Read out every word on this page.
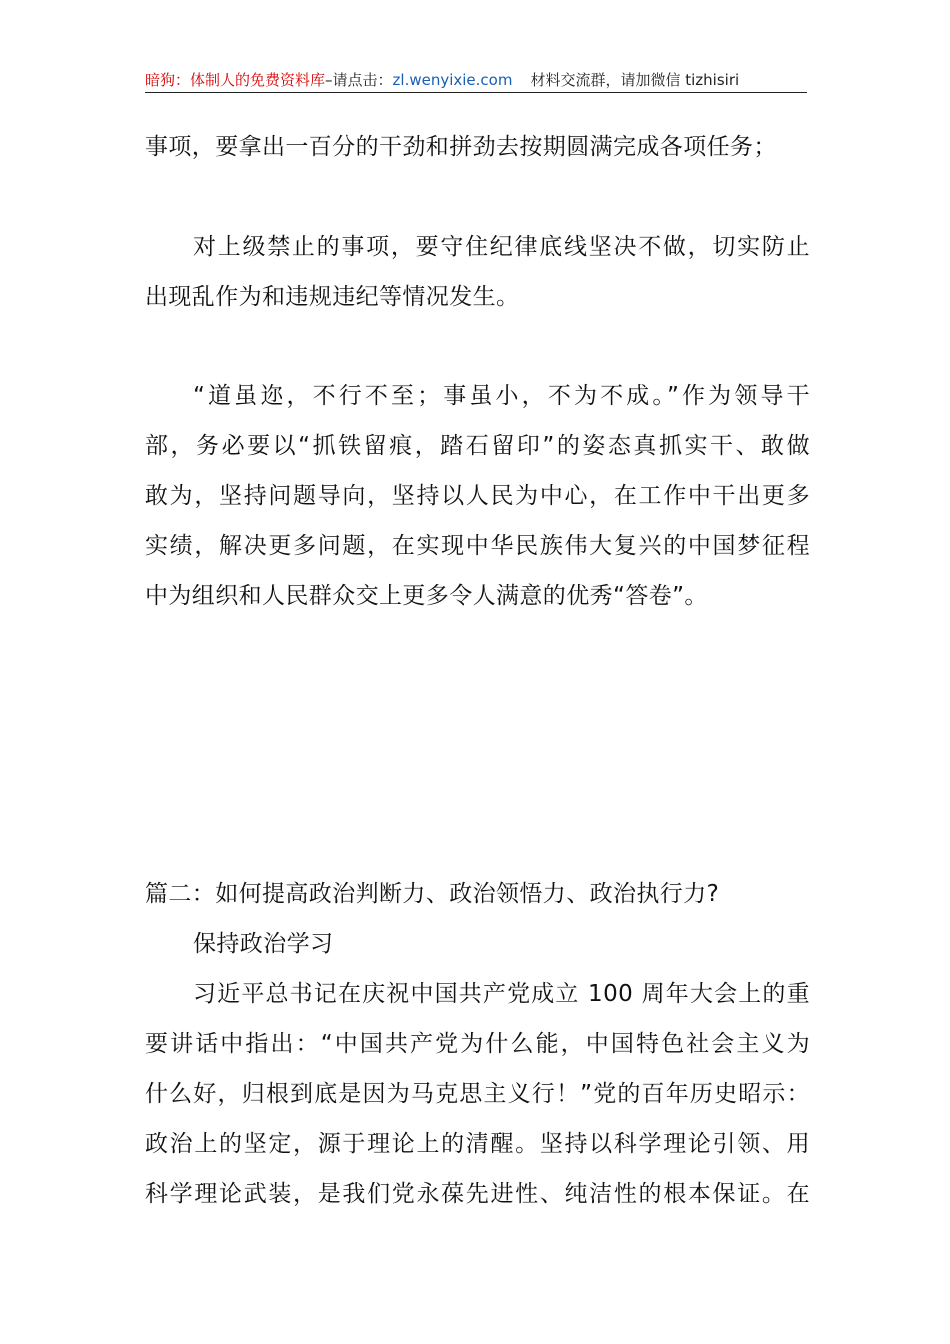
暗狗：体制人的免费资料库–请点击：zl.wenyixie.com 材料交流群，请加微信 tizhisiri
事项，要拿出一百分的干劲和拼劲去按期圆满完成各项任务；
对上级禁止的事项，要守住纪律底线坚决不做，切实防止
出现乱作为和违规违纪等情况发生。
“道虽迩，不行不至；事虽小，不为不成。”作为领导干
部，务必要以“抓铁留痕，踏石留印”的姿态真抓实干、敢做
敢为，坚持问题导向，坚持以人民为中心，在工作中干出更多
实绩，解决更多问题，在实现中华民族伟大复兴的中国梦征程
中为组织和人民群众交上更多令人满意的优秀“答卷”。
篇二：如何提高政治判断力、政治领悟力、政治执行力?
保持政治学习
习近平总书记在庆祝中国共产党成立 100 周年大会上的重
要讲话中指出：“中国共产党为什么能，中国特色社会主义为
什么好，归根到底是因为马克思主义行！”党的百年历史昭示：
政治上的坚定，源于理论上的清醒。坚持以科学理论引领、用
科学理论武装，是我们党永葆先进性、纯洁性的根本保证。在
